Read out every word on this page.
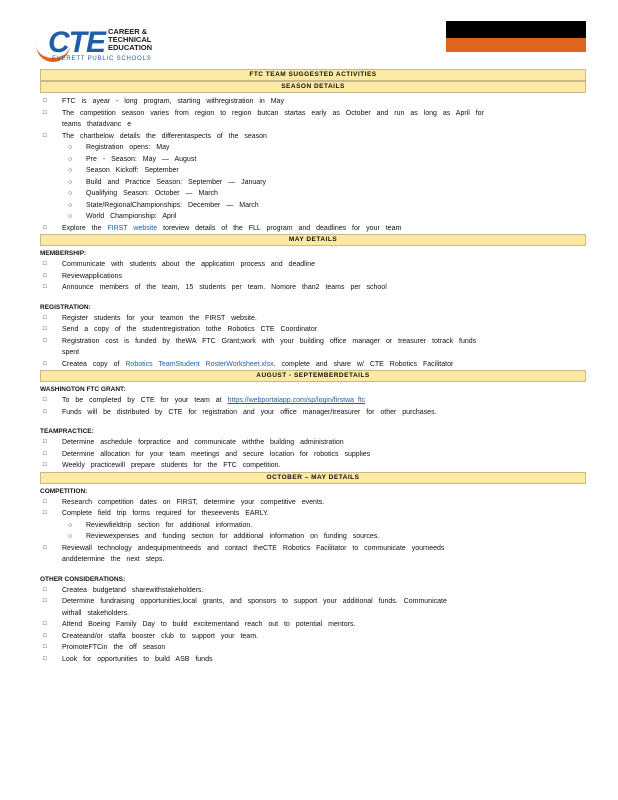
CTE CAREER &
TECHNICAL
EDUCATION
EVERETT PUBLIC SCHOOLS
FTC TEAM SUGGESTED ACTIVITIES
SEASON DETAILS
□ FTC is ayear - long program, starting withregistration in May
□ The competition season varies from region to region butcan startas early as October and run as long as April for
teams thatadvanc e
□ The chartbelow details the differentaspects of the season
○ Registration opens: May
○ Pre - Season: May — August
○ Season Kickoff: September
○ Build and Practice Season: September — January
○ Qualifying Season: October — March
○ State/RegionalChampionships: December — March
○ World Championship: April
□ Explore the FIRST website toreview details of the FLL program and deadlines for your team
MAY DETAILS
MEMBERSHIP:
□ Communicate with students about the application process and deadline
□ Reviewapplications
□ Announce members of the team, 15 students per team. Nomore than2 teams per school
REGISTRATION:
□ Register students for your teamon the FIRST website.
□ Send a copy of the studentregistration tothe Robotics CTE Coordinator
□ Registration cost is funded by theWA FTC Grant;work with your building office manager or treasurer totrack funds
spent
□ Createa copy of Robotics TeamStudent RosterWorksheet.xlsx, complete and share w/ CTE Robotics Facilitator
AUGUST - SEPTEMBERDETAILS
WASHINGTON FTC GRANT:
□ To be completed by CTE for your team at https://webportalapp.com/sp/login/firstwa_ftc
□ Funds will be distributed by CTE for registration and your office manager/treasurer for other purchases.
TEAMPRACTICE:
□ Determine aschedule forpractice and communicate withthe building administration
□ Determine allocation for your team meetings and secure location for robotics supplies
□ Weekly practicewill prepare students for the FTC competition.
OCTOBER – MAY DETAILS
COMPETITION:
□ Research competition dates on FIRST, determine your competitive events.
□ Complete field trip forms required for theseevents EARLY.
○ Reviewfieldtrip section for additional information.
○ Reviewexpenses and funding section for additional information on funding sources.
□ Reviewall technology andequipmentneeds and contact theCTE Robotics Facilitator to communicate yourneeds
anddetermine the next steps.
OTHER CONSIDERATIONS:
□ Createa budgetand sharewithstakeholders.
□ Determine fundraising opportunities,local grants, and sponsors to support your additional funds. Communicate
withall stakeholders.
□ Attend Boeing Family Day to build excitementand reach out to potential mentors.
□ Createand/or staffa booster club to support your team.
□ PromoteFTCin the off season
□ Look for opportunities to build ASB funds
